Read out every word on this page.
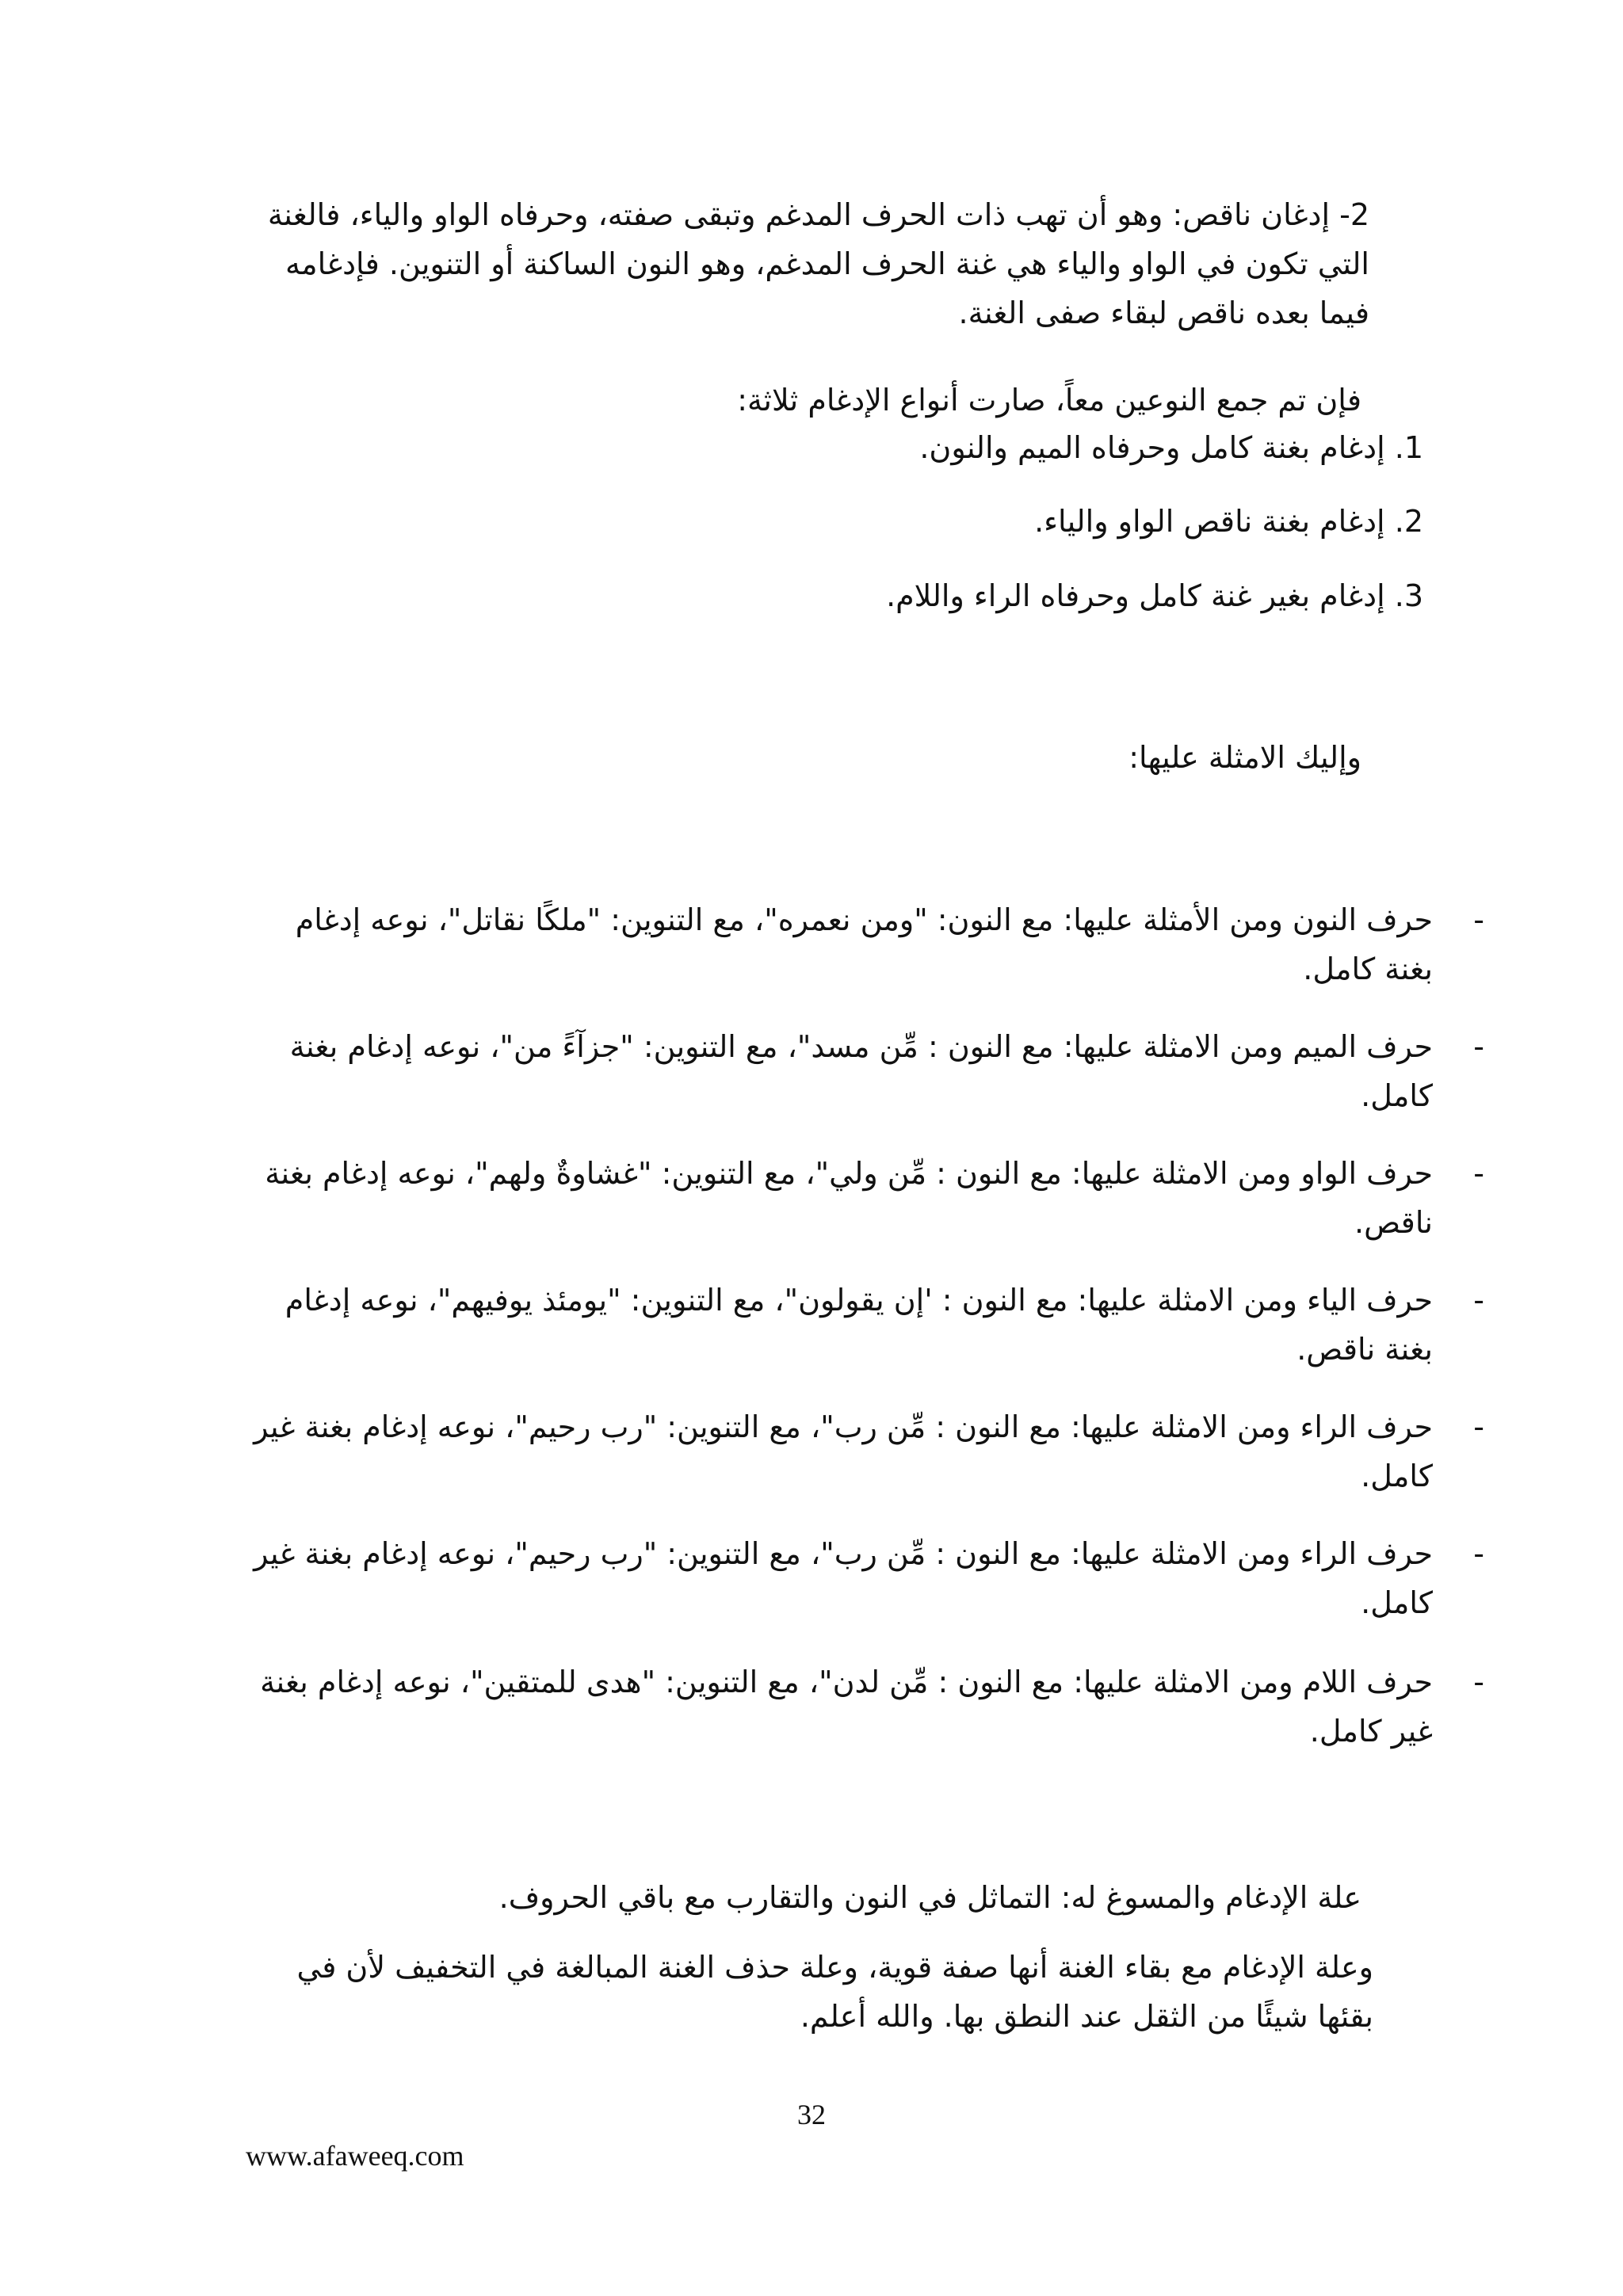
2- إدغان ناقص: وهو أن تهب ذات الحرف المدغم وتبقى صفته، وحرفاه الواو والياء، فالغنة التي تكون في الواو والياء هي غنة الحرف المدغم، وهو النون الساكنة أو التنوين. فإدغامه فيما بعده ناقص لبقاء صفى الغنة.
فإن تم جمع النوعين معاً، صارت أنواع الإدغام ثلاثة:
1. إدغام بغنة كامل وحرفاه الميم والنون.
2. إدغام بغنة ناقص الواو والياء.
3. إدغام بغير غنة كامل وحرفاه الراء واللام.
وإليك الامثلة عليها:
-
حرف النون ومن الأمثلة عليها: مع النون: "ومن نعمره"، مع التنوين: "ملكًا نقاتل"، نوعه إدغام بغنة كامل.
-
حرف الميم ومن الامثلة عليها: مع النون : مِّن مسد"، مع التنوين: "جزآءً من"، نوعه إدغام بغنة كامل.
-
حرف الواو ومن الامثلة عليها: مع النون : مِّن ولي"، مع التنوين: "غشاوةٌ ولهم"، نوعه إدغام بغنة ناقص.
-
حرف الياء ومن الامثلة عليها: مع النون : 'إن يقولون"، مع التنوين: "يومئذ يوفيهم"، نوعه إدغام بغنة ناقص.
-
حرف الراء ومن الامثلة عليها: مع النون : مِّن رب"، مع التنوين: "رب رحيم"، نوعه إدغام بغنة غير كامل.
-
حرف الراء ومن الامثلة عليها: مع النون : مِّن رب"، مع التنوين: "رب رحيم"، نوعه إدغام بغنة غير كامل.
-
حرف اللام ومن الامثلة عليها: مع النون : مِّن لدن"، مع التنوين: "هدى للمتقين"، نوعه إدغام بغنة غير كامل.
علة الإدغام والمسوغ له: التماثل في النون والتقارب مع باقي الحروف.
وعلة الإدغام مع بقاء الغنة أنها صفة قوية، وعلة حذف الغنة المبالغة في التخفيف لأن في بقئها شيئًا من الثقل عند النطق بها. والله أعلم.
32
www.afaweeq.com
